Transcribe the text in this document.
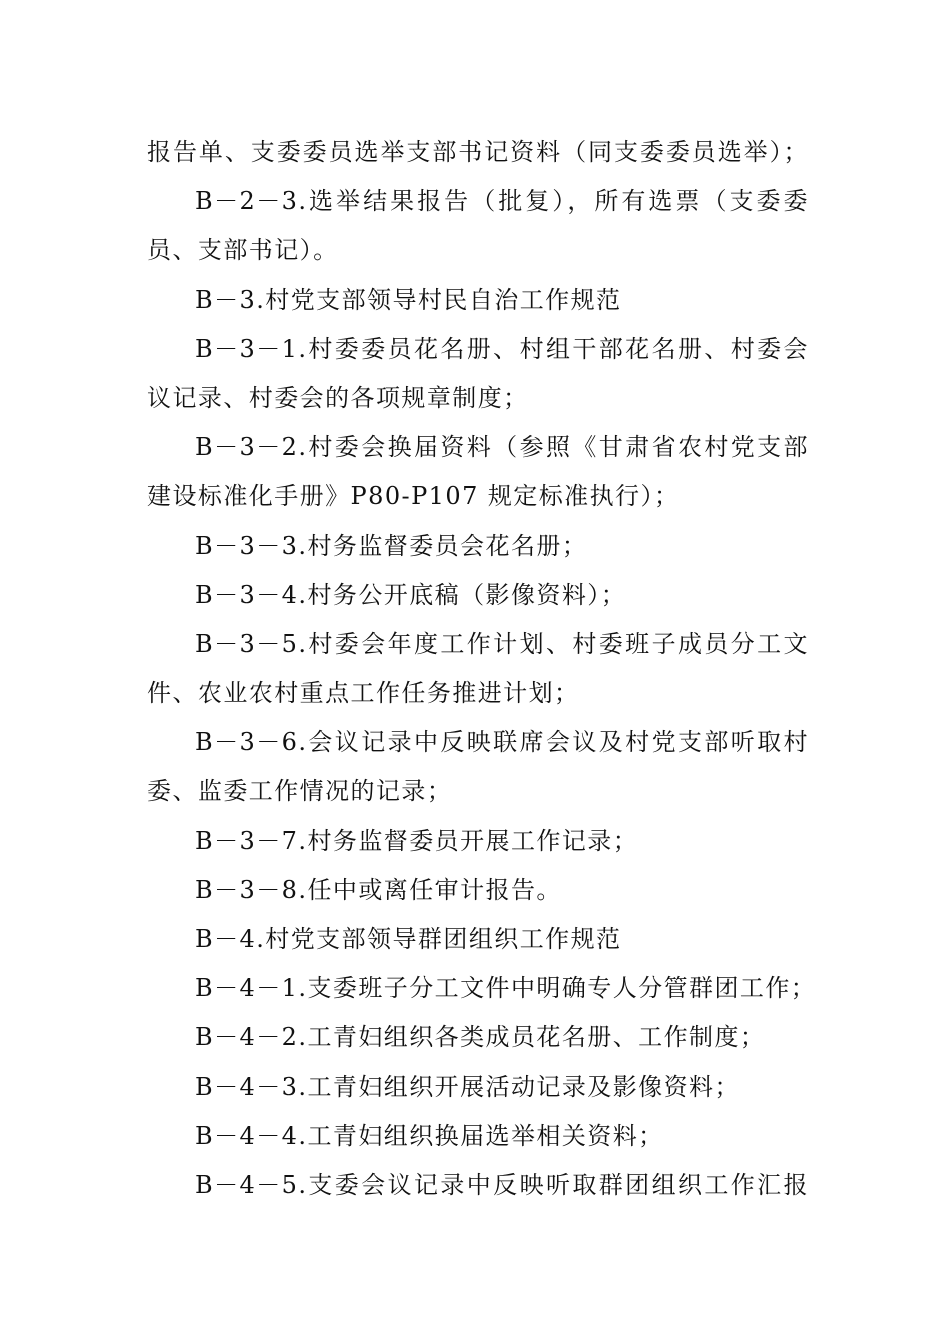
报告单、支委委员选举支部书记资料（同支委委员选举）；
B－2－3.选举结果报告（批复），所有选票（支委委
员、支部书记）。
B－3.村党支部领导村民自治工作规范
B－3－1.村委委员花名册、村组干部花名册、村委会
议记录、村委会的各项规章制度；
B－3－2.村委会换届资料（参照《甘肃省农村党支部
建设标准化手册》P80-P107 规定标准执行）；
B－3－3.村务监督委员会花名册；
B－3－4.村务公开底稿（影像资料）；
B－3－5.村委会年度工作计划、村委班子成员分工文
件、农业农村重点工作任务推进计划；
B－3－6.会议记录中反映联席会议及村党支部听取村
委、监委工作情况的记录；
B－3－7.村务监督委员开展工作记录；
B－3－8.任中或离任审计报告。
B－4.村党支部领导群团组织工作规范
B－4－1.支委班子分工文件中明确专人分管群团工作；
B－4－2.工青妇组织各类成员花名册、工作制度；
B－4－3.工青妇组织开展活动记录及影像资料；
B－4－4.工青妇组织换届选举相关资料；
B－4－5.支委会议记录中反映听取群团组织工作汇报
